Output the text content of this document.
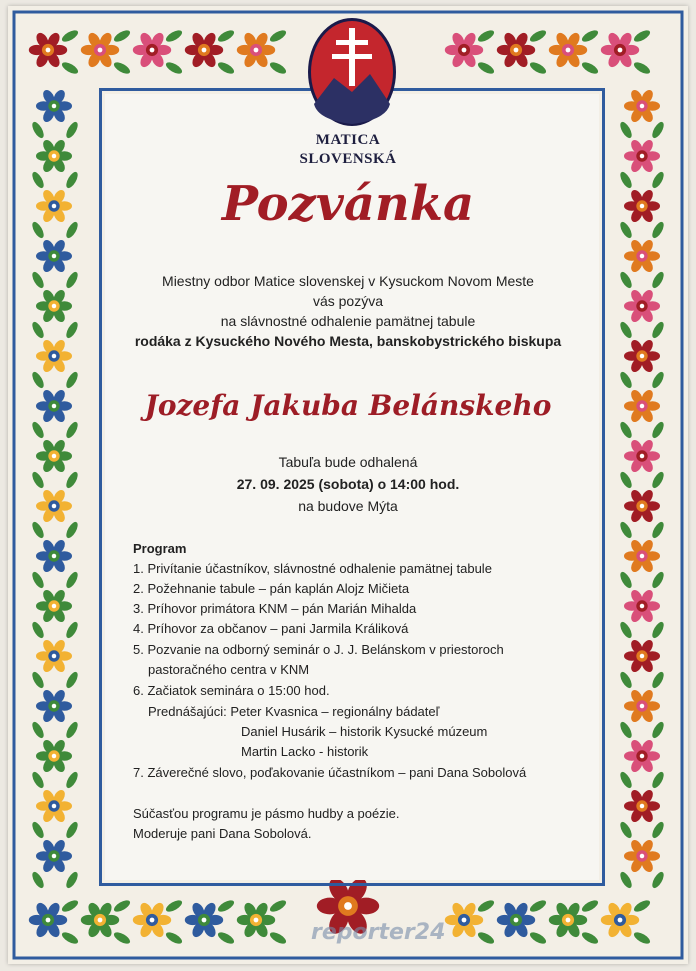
MATICA
SLOVENSKÁ
Pozvánka
Miestny odbor Matice slovenskej v Kysuckom Novom Meste
vás pozýva
na slávnostné odhalenie pamätnej tabule
rodáka z Kysuckého Nového Mesta, banskobystrického biskupa
Jozefa Jakuba Belánskeho
Tabuľa bude odhalená
27. 09. 2025 (sobota) o 14:00 hod.
na budove Mýta
Program
1. Privítanie účastníkov, slávnostné odhalenie pamätnej tabule
2. Požehnanie tabule – pán kaplán Alojz Mičieta
3. Príhovor primátora KNM – pán Marián Mihalda
4. Príhovor za občanov – pani Jarmila Králiková
5. Pozvanie na odborný seminár o J. J. Belánskom v priestoroch
pastoračného centra v KNM
6. Začiatok seminára o 15:00 hod.
Prednášajúci: Peter Kvasnica – regionálny bádateľ
Daniel Husárik – historik Kysucké múzeum
Martin Lacko - historik
7. Záverečné slovo, poďakovanie účastníkom – pani Dana Sobolová
Súčasťou programu je pásmo hudby a poézie.
Moderuje pani Dana Sobolová.
reporter24
